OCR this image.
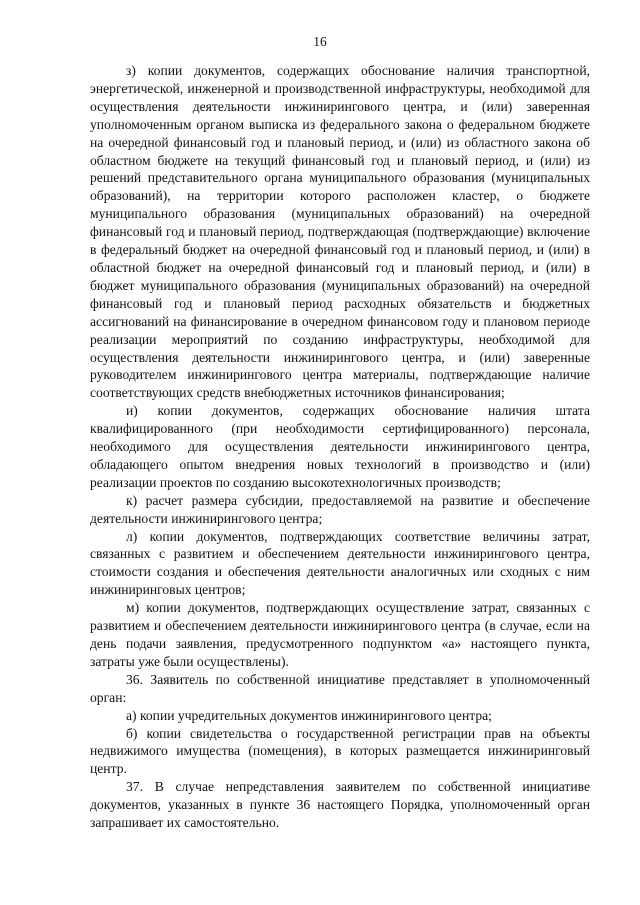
16

з) копии документов, содержащих обоснование наличия транспортной, энергетической, инженерной и производственной инфраструктуры, необходимой для осуществления деятельности инжинирингового центра, и (или) заверенная уполномоченным органом выписка из федерального закона о федеральном бюджете на очередной финансовый год и плановый период, и (или) из областного закона об областном бюджете на текущий финансовый год и плановый период, и (или) из решений представительного органа муниципального образования (муниципальных образований), на территории которого расположен кластер, о бюджете муниципального образования (муниципальных образований) на очередной финансовый год и плановый период, подтверждающая (подтверждающие) включение в федеральный бюджет на очередной финансовый год и плановый период, и (или) в областной бюджет на очередной финансовый год и плановый период, и (или) в бюджет муниципального образования (муниципальных образований) на очередной финансовый год и плановый период расходных обязательств и бюджетных ассигнований на финансирование в очередном финансовом году и плановом периоде реализации мероприятий по созданию инфраструктуры, необходимой для осуществления деятельности инжинирингового центра, и (или) заверенные руководителем инжинирингового центра материалы, подтверждающие наличие соответствующих средств внебюджетных источников финансирования;

и) копии документов, содержащих обоснование наличия штата квалифицированного (при необходимости сертифицированного) персонала, необходимого для осуществления деятельности инжинирингового центра, обладающего опытом внедрения новых технологий в производство и (или) реализации проектов по созданию высокотехнологичных производств;

к) расчет размера субсидии, предоставляемой на развитие и обеспечение деятельности инжинирингового центра;

л) копии документов, подтверждающих соответствие величины затрат, связанных с развитием и обеспечением деятельности инжинирингового центра, стоимости создания и обеспечения деятельности аналогичных или сходных с ним инжиниринговых центров;

м) копии документов, подтверждающих осуществление затрат, связанных с развитием и обеспечением деятельности инжинирингового центра (в случае, если на день подачи заявления, предусмотренного подпунктом «а» настоящего пункта, затраты уже были осуществлены).

36. Заявитель по собственной инициативе представляет в уполномоченный орган:

а) копии учредительных документов инжинирингового центра;

б) копии свидетельства о государственной регистрации прав на объекты недвижимого имущества (помещения), в которых размещается инжиниринговый центр.

37. В случае непредставления заявителем по собственной инициативе документов, указанных в пункте 36 настоящего Порядка, уполномоченный орган запрашивает их самостоятельно.
